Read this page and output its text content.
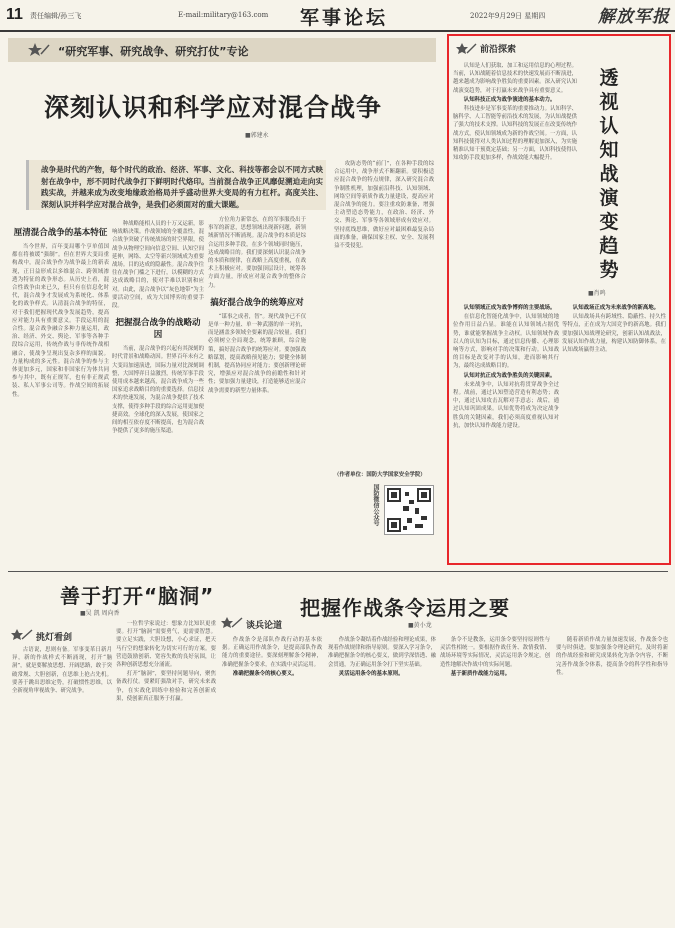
11 责任编辑/孙三飞	E-mail:military@163.com 军事论坛	2022年9月29日 星期四	解放军报
“研究军事、研究战争、研究打仗”专论
深刻认识和科学应对混合战争
■郭建永
战争是时代的产物，每个时代的政治、经济、军事、文化、科技等都会以不同方式映射在战争中，形不同时代战争打下鲜明时代烙印。当前混合战争正风靡促溯迫走向实践实战，并越来成为改变地缘政治格局并乎盛动世界大变局的有力杠杆。高度关注、深刻认识并科学应对混合战争，是我们必须面对的重大课题。
厘清混合战争的基本特征

当今世界，百年变局哪个亨单值国都在将被缓“强制”。但在世界大变局重构战中，混合战争作为战争最上的新表现，正日益形成以多维混合、跨领域渗透为特征的战争形态。从历史上看，混合性战争由来已久，但只有在信息化时代，混合战争才发展成为系统化、体系化的战争样式。认清混合战争的特征，对于我们把握现代战争发展趋势，提高应对能力具有重要意义。手段运用的混合性。混合战争融合多种力量运用，政治、经济、外交、舆论、军事等各种手段综合运用，传统作战与非传统作战相融合，使战争呈现出复杂多样的面貌。力量构成的多元性。混合战争的参与主体更加多元，国家和非国家行为体共同参与其中，既有正规军，也有非正规武装、私人军事公司等。作战空间的拓展性。

种战略能相人员的十万又运新，影响战略决策。作战领域的全覆盖性。混合战争突破了传统战场的时空界限，使战争从物理空间向信息空间、认知空间延伸，网络、太空等新兴领域成为重要战场。目的达成的隐蔽性。混合战争往往在战争门槛之下进行，以模糊的方式达成战略目的，使对手难以识别和应对。由此，混合战争以“灰色地带”为主要活动空间，成为大国博弈的重要手段。

把握混合战争的战略动因

当前，混合战争的兴起有其深刻的时代背景和战略动因。世界百年未有之大变局加速演进，国际力量对比深刻调整，大国博弈日益激烈，传统军事手段使用成本越来越高，混合战争成为一些国家追求战略目的的重要选择。信息技术的快速发展，为混合战争提供了技术支撑，使得多种手段的综合运用更加便捷高效。全球化的深入发展，使国家之间的相互依存度不断提高，也为混合战争提供了更多的施压渠道。

方位角力新常态，在的军事服役出于事军的新意，思想领域出现新问题，新领域新情况不断涌现。混合战争的本质是综合运用多种手段，在多个领域同时施压，达成战略目的。我们要深刻认识混合战争的本质和规律，在战略上高度重视，在战术上积极应对。要加强顶层设计，统筹各方面力量，形成应对混合战争的整体合力。

搞好混合战争的统筹应对

“谋事之成者，智”。现代战争已不仅是单一种力量、单一种武器的单一对抗，而是涵盖多领域全要素的混合较量。我们必须树立全局观念，统筹兼顾，综合施策，搞好混合战争的统筹应对。要加强战略谋划，提高战略预见能力；要健全体制机制，提高协同应对能力；要创新理论研究，增强应对混合战争的前瞻性和针对性；要加强力量建设，打造能够适应混合战争需要的新型力量体系。

攻防态势的“前门”，在各种手段的综合运用中，战争形式不断翻新。要积极适应混合战争的特点规律，深入研究混合战争制胜机理，加强前沿科技、认知领域、网络空间等新质作战力量建设，提高应对混合战争的能力。要注重攻防兼备，增强主动塑造态势能力，在政治、经济、外交、舆论、军事等各领域形成有效应对。坚持底线思维，做好应对最困难最复杂局面的准备，确保国家主权、安全、发展利益不受侵犯。

（作者单位：国防大学国家安全学院）
国防微信公众号
前沿探索
透
视
认
知
战
演
变
趋
势
■肖鸣

认知是人们获取、加工和运用信息的心理过程。当前，认知战随着信息技术的快速发展而不断演进，越来越成为影响战争胜负的重要因素。深入研究认知战演变趋势，对于打赢未来战争具有重要意义。

认知科技正成为战争演进的基本动力。

科技进步是军事变革的重要推动力。认知科学、脑科学、人工智能等前沿技术的发展，为认知战提供了强大的技术支撑。认知科技的发展正在改变传统作战方式，使认知领域成为新的作战空间。一方面，认知科技使得对人类认知过程的理解更加深入，为实施精准认知干预奠定基础；另一方面，认知科技使得认知攻防手段更加多样，作战效能大幅提升。

认知领域正成为战争博弈的主要战场。

在信息化智能化战争中，认知领域的地位作用日益凸显。谁能在认知领域占据优势，谁就能掌握战争主动权。认知领域作战以人的认知为目标，通过信息传播、心理影响等方式，影响对手的决策和行动。认知战的目标是改变对手的认知，进而影响其行为，最终达成战略目的。

认知对抗正成为战争胜负的关键因素。

未来战争中，认知对抗将贯穿战争全过程。战前，通过认知塑造营造有利态势；战中，通过认知攻击瓦解对手意志；战后，通过认知巩固成果。认知优势将成为决定战争胜负的关键因素，我们必须高度重视认知对抗，加快认知作战能力建设。

认知战场正成为未来战争的新高地。

认知战场具有跨域性、隐蔽性、持久性等特点，正在成为大国竞争的新高地。我们要加强认知战理论研究，创新认知战战法，发展认知作战力量，构建认知防御体系，在认知战场赢得主动。

善于打开“脑洞”
■吴 凯 周向香
挑灯看剑

古语说，思则有备。军事变革日新月异，新的作战样式不断涌现，打开“脑洞”，就是要解放思想、开阔思路，敢于突破常规、大胆创新，在思维上抢占先机。要善于跳出思维定势，打破惯性思维，以全新视角审视战争、研究战争。

一位哲学家说过：想象力比知识更重要。打开“脑洞”需要勇气，更需要智慧。要立足实践，大胆设想，小心求证，把天马行空的想象转化为切实可行的方案。要营造鼓励创新、宽容失败的良好氛围，让各种创新思想充分涌流。

打开“脑洞”，要坚持问题导向，聚焦备战打仗。要紧盯强敌对手，研究未来战争，在实战化训练中检验和完善创新成果，使创新真正服务于打赢。

把握作战条令运用之要
■黄小龙
谈兵论道

作战条令是部队作战行动的基本依据。正确运用作战条令，是提高部队作战能力的重要途径。要深刻理解条令精神，准确把握条令要求，在实践中灵活运用。

准确把握条令的核心要义。

作战条令凝结着作战经验和理论成果，体现着作战规律和指导原则。要深入学习条令，准确把握条令的核心要义，做到学深悟透、融会贯通，为正确运用条令打下坚实基础。

灵活运用条令的基本原则。

条令不是教条，运用条令要坚持原则性与灵活性相统一。要根据作战任务、敌情我情、战场环境等实际情况，灵活运用条令规定，创造性地解决作战中的实际问题。

基于新质作战能力运用。

随着新质作战力量加速发展，作战条令也要与时俱进。要加强条令理论研究，及时将新的作战经验和研究成果转化为条令内容，不断完善作战条令体系，提高条令的科学性和指导性。
